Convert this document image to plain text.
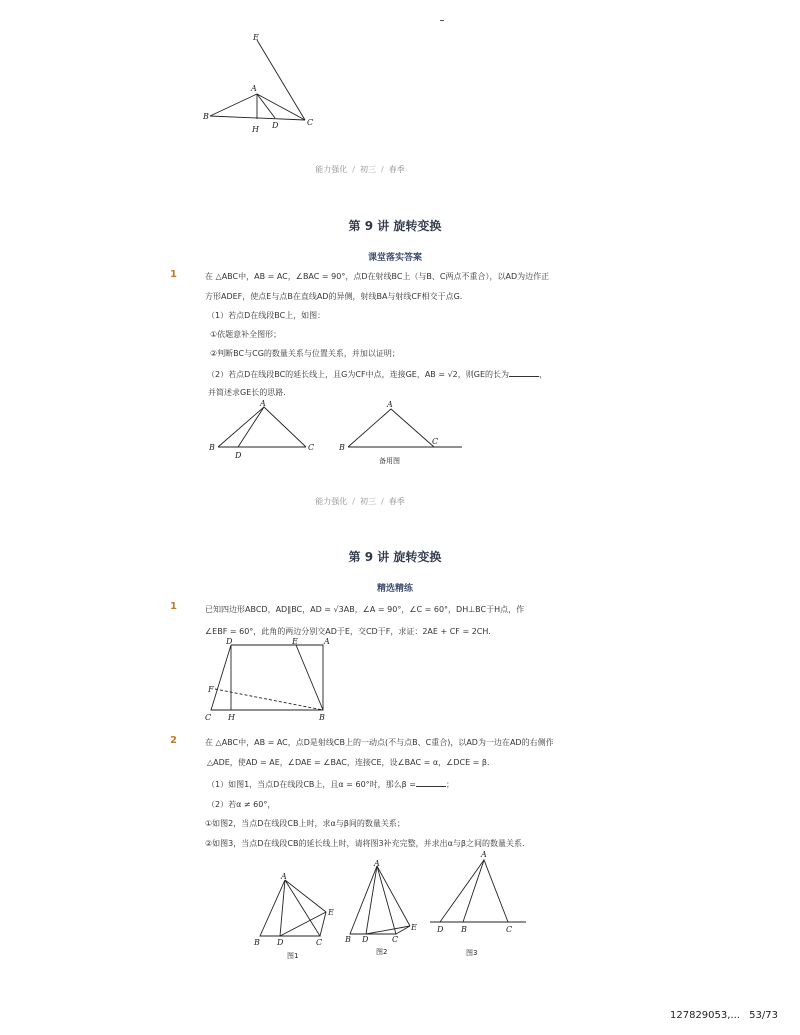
E
A
B
H D	C
能力强化 / 初三 / 春季
第 9 讲 旋转变换
课堂落实答案
1	在 △ABC中，AB = AC，∠BAC = 90°，点D在射线BC上（与B、C两点不重合），以AD为边作正
方形ADEF，使点E与点B在直线AD的异侧，射线BA与射线CF相交于点G．
（1）若点D在线段BC上，如图：
①依题意补全图形；
②判断BC与CG的数量关系与位置关系，并加以证明；
（2）若点D在线段BC的延长线上，且G为CF中点，连接GE，AB = √2，则GE的长为	，
并简述求GE长的思路．
A
B
D
C
A
B
C
备用图
能力强化 / 初三 / 春季
第 9 讲 旋转变换
精选精练
1	已知四边形ABCD，AD∥BC，AD = √3AB，∠A = 90°，∠C = 60°，DH⊥BC于H点，作
∠EBF = 60°，此角的两边分别交AD于E，交CD于F，求证：2AE + CF = 2CH．
D	E	A
F
C H	B
2	在 △ABC中，AB = AC，点D是射线CB上的一动点(不与点B、C重合)，以AD为一边在AD的右侧作
△ADE，使AD = AE，∠DAE = ∠BAC，连接CE，设∠BAC = α，∠DCE = β．
（1）如图1，当点D在线段CB上，且α = 60°时，那么β =	；
（2）若α ≠ 60°，
①如图2，当点D在线段CB上时，求α与β间的数量关系；
②如图3，当点D在线段CB的延长线上时，请将图3补充完整，并求出α与β之间的数量关系．
A
E
B D	C
图1
A
E
B D	C
图2
A
D B	C
图3
127829053,... 53/73
